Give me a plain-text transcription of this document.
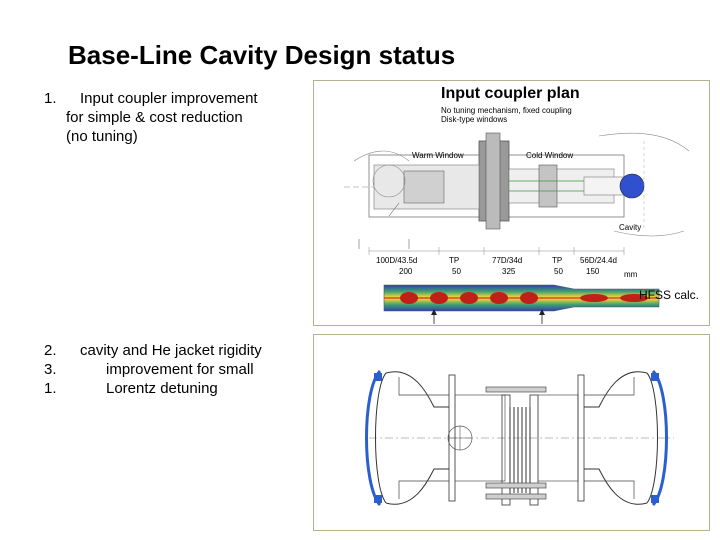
Base-Line Cavity Design status
1. Input coupler improvement
for simple & cost reduction
(no tuning)
2.
3.
1.
cavity and He jacket rigidity
improvement for small
Lorentz detuning
Input coupler plan
No tuning mechanism, fixed coupling
Disk-type windows
Warm Window	Cold Window
Cavity
100D/43.5d	TP	77D/34d	TP 56D/24.4d
200	50	325	50	150	mm
HFSS calc.
